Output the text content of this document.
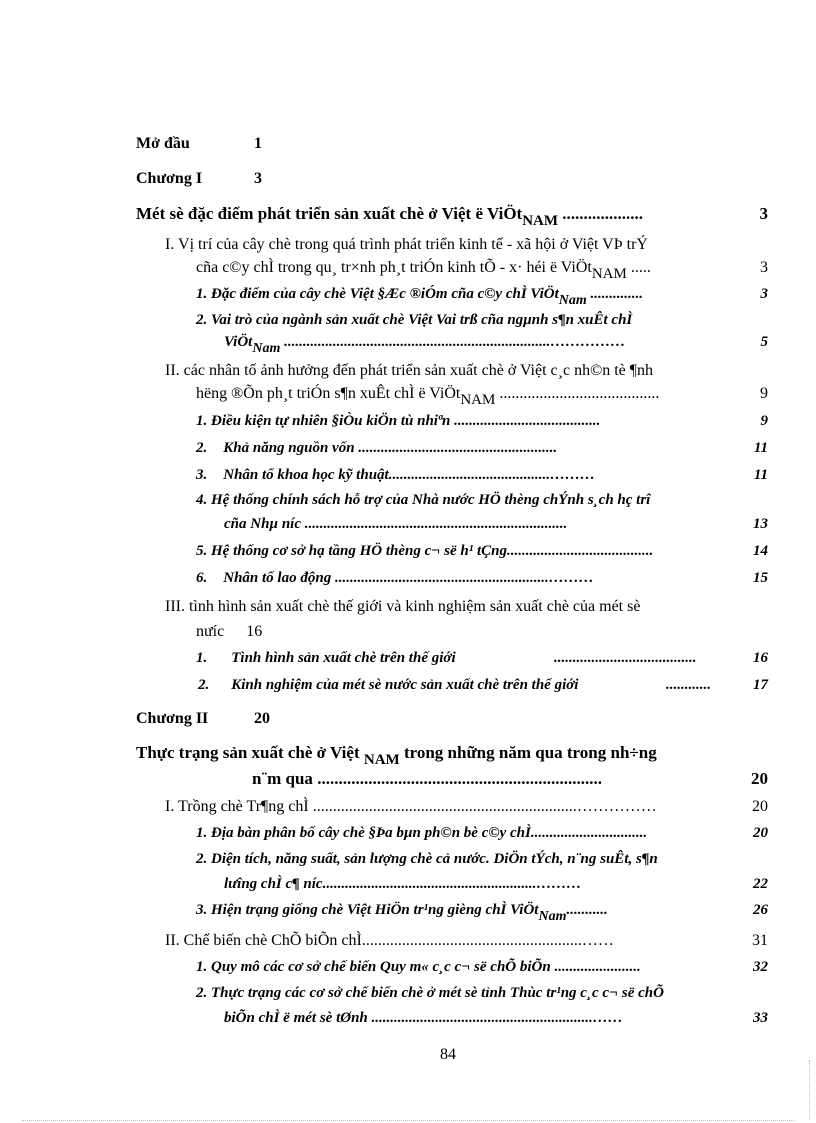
Mở đầu	1
Chương I	3
Mét sè đặc điểm phát triển sản xuất chè ở Việt ë ViÖtNAM ...................	3
I. Vị trí của cây chè trong quá trình phát triển kinh tế - xã hội ở Việt VÞ trÝ
cña c©y chÌ trong qu¸ tr×nh ph¸t triÓn kinh tÕ - x· héi ë ViÖtNAM .....	3
1. Đặc điểm của cây chè Việt §Æc ®iÓm cña c©y chÌ ViÖtNam ..............	3
2. Vai trò của ngành sản xuất chè Việt Vai trß cña ngµnh s¶n xuÊt chÌ
ViÖtNam .......................................................................……………	5
II. các nhân tố ảnh hưởng đến phát triển sản xuất chè ở Việt c¸c nh©n tè ¶nh
hëng ®Õn ph¸t triÓn s¶n xuÊt chÌ ë ViÖtNAM ........................................	9
1. Điều kiện tự nhiên §iÒu kiÖn tù nhiªn .......................................	9
2. Khả năng nguồn vốn .....................................................	11
3. Nhân tố khoa học kỹ thuật...........................................………	11
4. Hệ thống chính sách hỗ trợ của Nhà nước HÖ thèng chÝnh s¸ch hç trî
cña Nhµ níc ......................................................................	13
5. Hệ thống cơ sở hạ tầng HÖ thèng c¬ së h¹ tÇng.......................................	14
6. Nhân tố lao động .........................................................………	15
III. tình hình sản xuất chè thế giới và kinh nghiệm sản xuất chè của mét sè
nưíc 16
1. Tình hình sản xuất chè trên thế giới	......................................	16
2. Kinh nghiệm của mét sè nước sản xuất chè trên thế giới	............	17
Chương II	20
Thực trạng sản xuất chè ở Việt NAM trong những năm qua trong nh÷ng
n¨m qua ...................................................................	20
I. Trồng chè Tr¶ng chÌ ..................................................................……………	20
1. Địa bàn phân bố cây chè §Þa bµn ph©n bè c©y chÌ...............................	20
2. Diện tích, năng suất, sản lượng chè cả nước. DiÖn tÝch, n¨ng suÊt, s¶n
lưîng chÌ c¶ níc.........................................................………	22
3. Hiện trạng giống chè Việt HiÖn tr¹ng gièng chÌ ViÖtNam...........	26
II. Chế biến chè ChÕ biÕn chÌ.......................................................……	31
1. Quy mô các cơ sở chế biến Quy m« c¸c c¬ së chÕ biÕn .......................	32
2. Thực trạng các cơ sở chế biến chè ở mét sè tỉnh Thùc tr¹ng c¸c c¬ së chÕ
biÕn chÌ ë mét sè tØnh ...........................................................……	33
84
